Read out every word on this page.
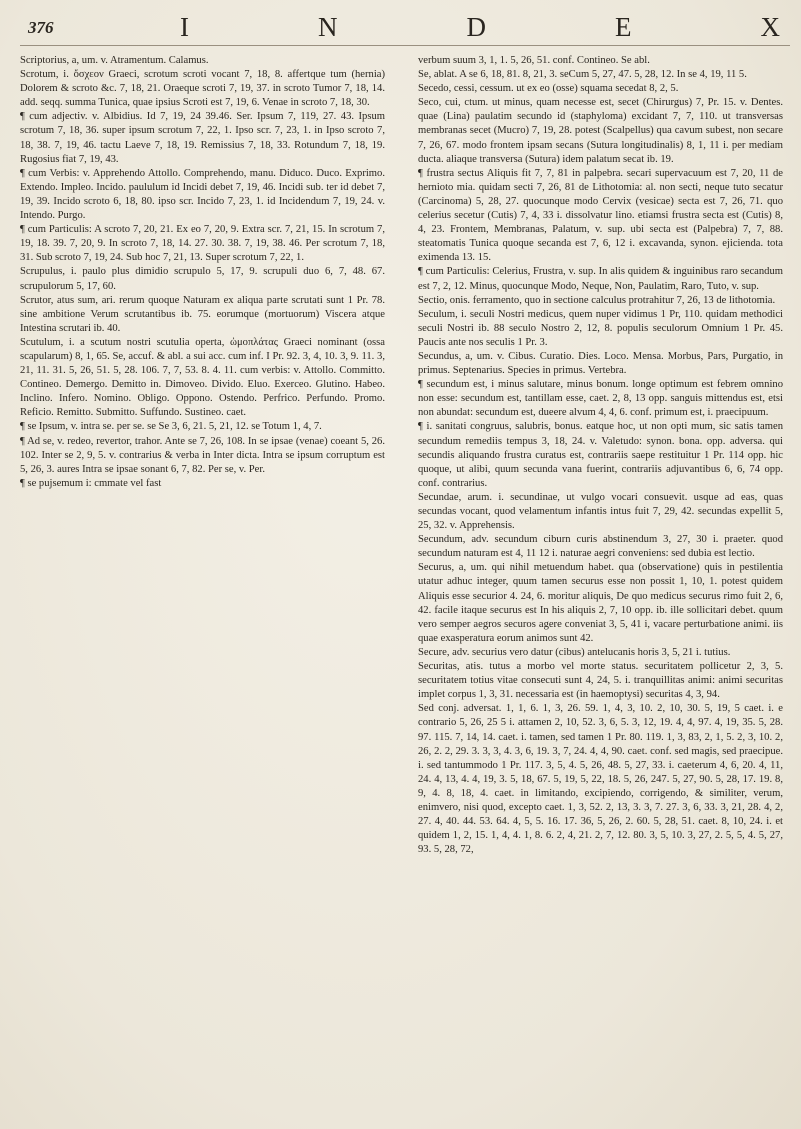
376	I	N	D	E	X

Scriptorius, a, um. v. Atramentum. Calamus.

Scrotum, i. ὄσχεον Graeci, scrotum scroti vocant 7, 18, 8. affertque tum (hernia) Dolorem & scroto &c. 7, 18, 21. Oraeque scroti 7, 19, 37. in scroto Tumor 7, 18, 14. add. seqq. summa Tunica, quae ipsius Scroti est 7, 19, 6. Venae in scroto 7, 18, 30.

¶ cum adjectiv. v. Albidius. Id 7, 19, 24 39.46. Ser. Ipsum 7, 119, 27. 43. Ipsum scrotum 7, 18, 36. super ipsum scrotum 7, 22, 1. Ipso scr. 7, 23, 1. in Ipso scroto 7, 18, 38. 7, 19, 46. tactu Laeve 7, 18, 19. Remissius 7, 18, 33. Rotundum 7, 18, 19. Rugosius fiat 7, 19, 43.

¶ cum Verbis: v. Apprehendo Attollo. Comprehendo, manu. Diduco. Duco. Exprimo. Extendo. Impleo. Incido. paululum id Incidi debet 7, 19, 46. Incidi sub. ter id debet 7, 19, 39. Incido scroto 6, 18, 80. ipso scr. Incido 7, 23, 1. id Incidendum 7, 19, 24. v. Intendo. Purgo.

¶ cum Particulis: A scroto 7, 20, 21. Ex eo 7, 20, 9. Extra scr. 7, 21, 15. In scrotum 7, 19, 18. 39. 7, 20, 9. In scroto 7, 18, 14. 27. 30. 38. 7, 19, 38. 46. Per scrotum 7, 18, 31. Sub scroto 7, 19, 24. Sub hoc 7, 21, 13. Super scrotum 7, 22, 1.

Scrupulus, i. paulo plus dimidio scrupulo 5, 17, 9. scrupuli duo 6, 7, 48. 67. scrupulorum 5, 17, 60.

Scrutor, atus sum, ari. rerum quoque Naturam ex aliqua parte scrutati sunt 1 Pr. 78. sine ambitione Verum scrutantibus ib. 75. eorumque (mortuorum) Viscera atque Intestina scrutari ib. 40.

Scutulum, i. a scutum nostri scutulia operta, ὠμοπλάτας Graeci nominant (ossa scapularum) 8, 1, 65. Se, accuf. & abl. a sui acc. cum inf. I Pr. 92. 3, 4, 10. 3, 9. 11. 3, 21, 11. 31. 5, 26, 51. 5, 28. 106. 7, 7, 53. 8. 4. 11. cum verbis: v. Attollo. Committo. Contineo. Demergo. Demitto in. Dimoveo. Divido. Eluo. Exerceo. Glutino. Habeo. Inclino. Infero. Nomino. Obligo. Oppono. Ostendo. Perfrico. Perfundo. Promo. Reficio. Remitto. Submitto. Suffundo. Sustineo. caet.

¶ se Ipsum, v. intra se. per se. se Se 3, 6, 21. 5, 21, 12. se Totum 1, 4, 7.

¶ Ad se, v. redeo, revertor, trahor. Ante se 7, 26, 108. In se ipsae (venae) coeant 5, 26. 102. Inter se 2, 9, 5. v. contrarius & verba in Inter dicta. Intra se ipsum corruptum est 5, 26, 3. aures Intra se ipsae sonant 6, 7, 82. Per se, v. Per.

¶ se pujsemum i: cmmate vel fast

verbum suum 3, 1, 1. 5, 26, 51. conf. Contineo. Se abl.

Se, ablat. A se 6, 18, 81. 8, 21, 3. seCum 5, 27, 47. 5, 28, 12. In se 4, 19, 11 5.

Secedo, cessi, cessum. ut ex eo (osse) squama secedat 8, 2, 5.

Seco, cui, ctum. ut minus, quam necesse est, secet (Chirurgus) 7, Pr. 15. v. Dentes. quae (Lina) paulatim secundo id (staphyloma) excidant 7, 7, 110. ut transversas membranas secet (Mucro) 7, 19, 28. potest (Scalpellus) qua cavum subest, non secare 7, 26, 67. modo frontem ipsam secans (Sutura longitudinalis) 8, 1, 11 i. per mediam ducta. aliaque transversa (Sutura) idem palatum secat ib. 19.

¶ frustra sectus Aliquis fit 7, 7, 81 in palpebra. secari supervacuum est 7, 20, 11 de hernioto mia. quidam secti 7, 26, 81 de Lithotomia: al. non secti, neque tuto secatur (Carcinoma) 5, 28, 27. quocunque modo Cervix (vesicae) secta est 7, 26, 71. quo celerius secetur (Cutis) 7, 4, 33 i. dissolvatur lino. etiamsi frustra secta est (Cutis) 8, 4, 23. Frontem, Membranas, Palatum, v. sup. ubi secta est (Palpebra) 7, 7, 88. steatomatis Tunica quoque secanda est 7, 6, 12 i. excavanda, synon. ejicienda. tota eximenda 13. 15.

¶ cum Particulis: Celerius, Frustra, v. sup. In alis quidem & inguinibus raro secandum est 7, 2, 12. Minus, quocunque Modo, Neque, Non, Paulatim, Raro, Tuto, v. sup.

Sectio, onis. ferramento, quo in sectione calculus protrahitur 7, 26, 13 de lithotomia.

Seculum, i. seculi Nostri medicus, quem nuper vidimus 1 Pr, 110. quidam methodici seculi Nostri ib. 88 seculo Nostro 2, 12, 8. populis seculorum Omnium 1 Pr. 45. Paucis ante nos seculis 1 Pr. 3.

Secundus, a, um. v. Cibus. Curatio. Dies. Loco. Mensa. Morbus, Pars, Purgatio, in primus. Septenarius. Species in primus. Vertebra.

¶ secundum est, i minus salutare, minus bonum. longe optimum est febrem omnino non esse: secundum est, tantillam esse, caet. 2, 8, 13 opp. sanguis mittendus est, etsi non abundat: secundum est, dueere alvum 4, 4, 6. conf. primum est, i. praecipuum.

¶ i. sanitati congruus, salubris, bonus. eatque hoc, ut non opti mum, sic satis tamen secundum remediis tempus 3, 18, 24. v. Valetudo: synon. bona. opp. adversa. qui secundis aliquando frustra curatus est, contrariis saepe restituitur 1 Pr. 114 opp. hic quoque, ut alibi, quum secunda vana fuerint, contrariis adjuvantibus 6, 6, 74 opp. conf. contrarius.

Secundae, arum. i. secundinae, ut vulgo vocari consuevit. usque ad eas, quas secundas vocant, quod velamentum infantis intus fuit 7, 29, 42. secundas expellit 5, 25, 32. v. Apprehensis.

Secundum, adv. secundum ciburn curis abstinendum 3, 27, 30 i. praeter. quod secundum naturam est 4, 11 12 i. naturae aegri conveniens: sed dubia est lectio.

Securus, a, um. qui nihil metuendum habet. qua (observatione) quis in pestilentia utatur adhuc integer, quum tamen securus esse non possit 1, 10, 1. potest quidem Aliquis esse securior 4. 24, 6. moritur aliquis, De quo medicus securus rimo fuit 2, 6, 42. facile itaque securus est In his aliquis 2, 7, 10 opp. ib. ille sollicitari debet. quum vero semper aegros securos agere conveniat 3, 5, 41 i, vacare perturbatione animi. iis quae exasperatura eorum animos sunt 42.

Secure, adv. securius vero datur (cibus) antelucanis horis 3, 5, 21 i. tutius.

Securitas, atis. tutus a morbo vel morte status. securitatem pollicetur 2, 3, 5. securitatem totius vitae consecuti sunt 4, 24, 5. i. tranquillitas animi: animi securitas implet corpus 1, 3, 31. necessaria est (in haemoptysi) securitas 4, 3, 94.

Sed conj. adversat. 1, 1, 6. 1, 3, 26. 59. 1, 4, 3, 10. 2, 10, 30. 5, 19, 5 caet. i. e contrario 5, 26, 25 5 i. attamen 2, 10, 52. 3, 6, 5. 3, 12, 19. 4, 4, 97. 4, 19, 35. 5, 28. 97. 115. 7, 14, 14. caet. i. tamen, sed tamen 1 Pr. 80. 119. 1, 3, 83, 2, 1, 5. 2, 3, 10. 2, 26, 2. 2, 29. 3. 3, 3, 4. 3, 6, 19. 3, 7, 24. 4, 4, 90. caet. conf. sed magis, sed praecipue. i. sed tantummodo 1 Pr. 117. 3, 5, 4. 5, 26, 48. 5, 27, 33. i. caeterum 4, 6, 20. 4, 11, 24. 4, 13, 4. 4, 19, 3. 5, 18, 67. 5, 19, 5, 22, 18. 5, 26, 247. 5, 27, 90. 5, 28, 17. 19. 8, 9, 4. 8, 18, 4. caet. in limitando, excipiendo, corrigendo, & similiter, verum, enimvero, nisi quod, excepto caet. 1, 3, 52. 2, 13, 3. 3, 7. 27. 3, 6, 33. 3, 21, 28. 4, 2, 27. 4, 40. 44. 53. 64. 4, 5, 5. 16. 17. 36, 5, 26, 2. 60. 5, 28, 51. caet. 8, 10, 24. i. et quidem 1, 2, 15. 1, 4, 4. 1, 8. 6. 2, 4, 21. 2, 7, 12. 80. 3, 5, 10. 3, 27, 2. 5, 5, 4. 5, 27, 93. 5, 28, 72,
